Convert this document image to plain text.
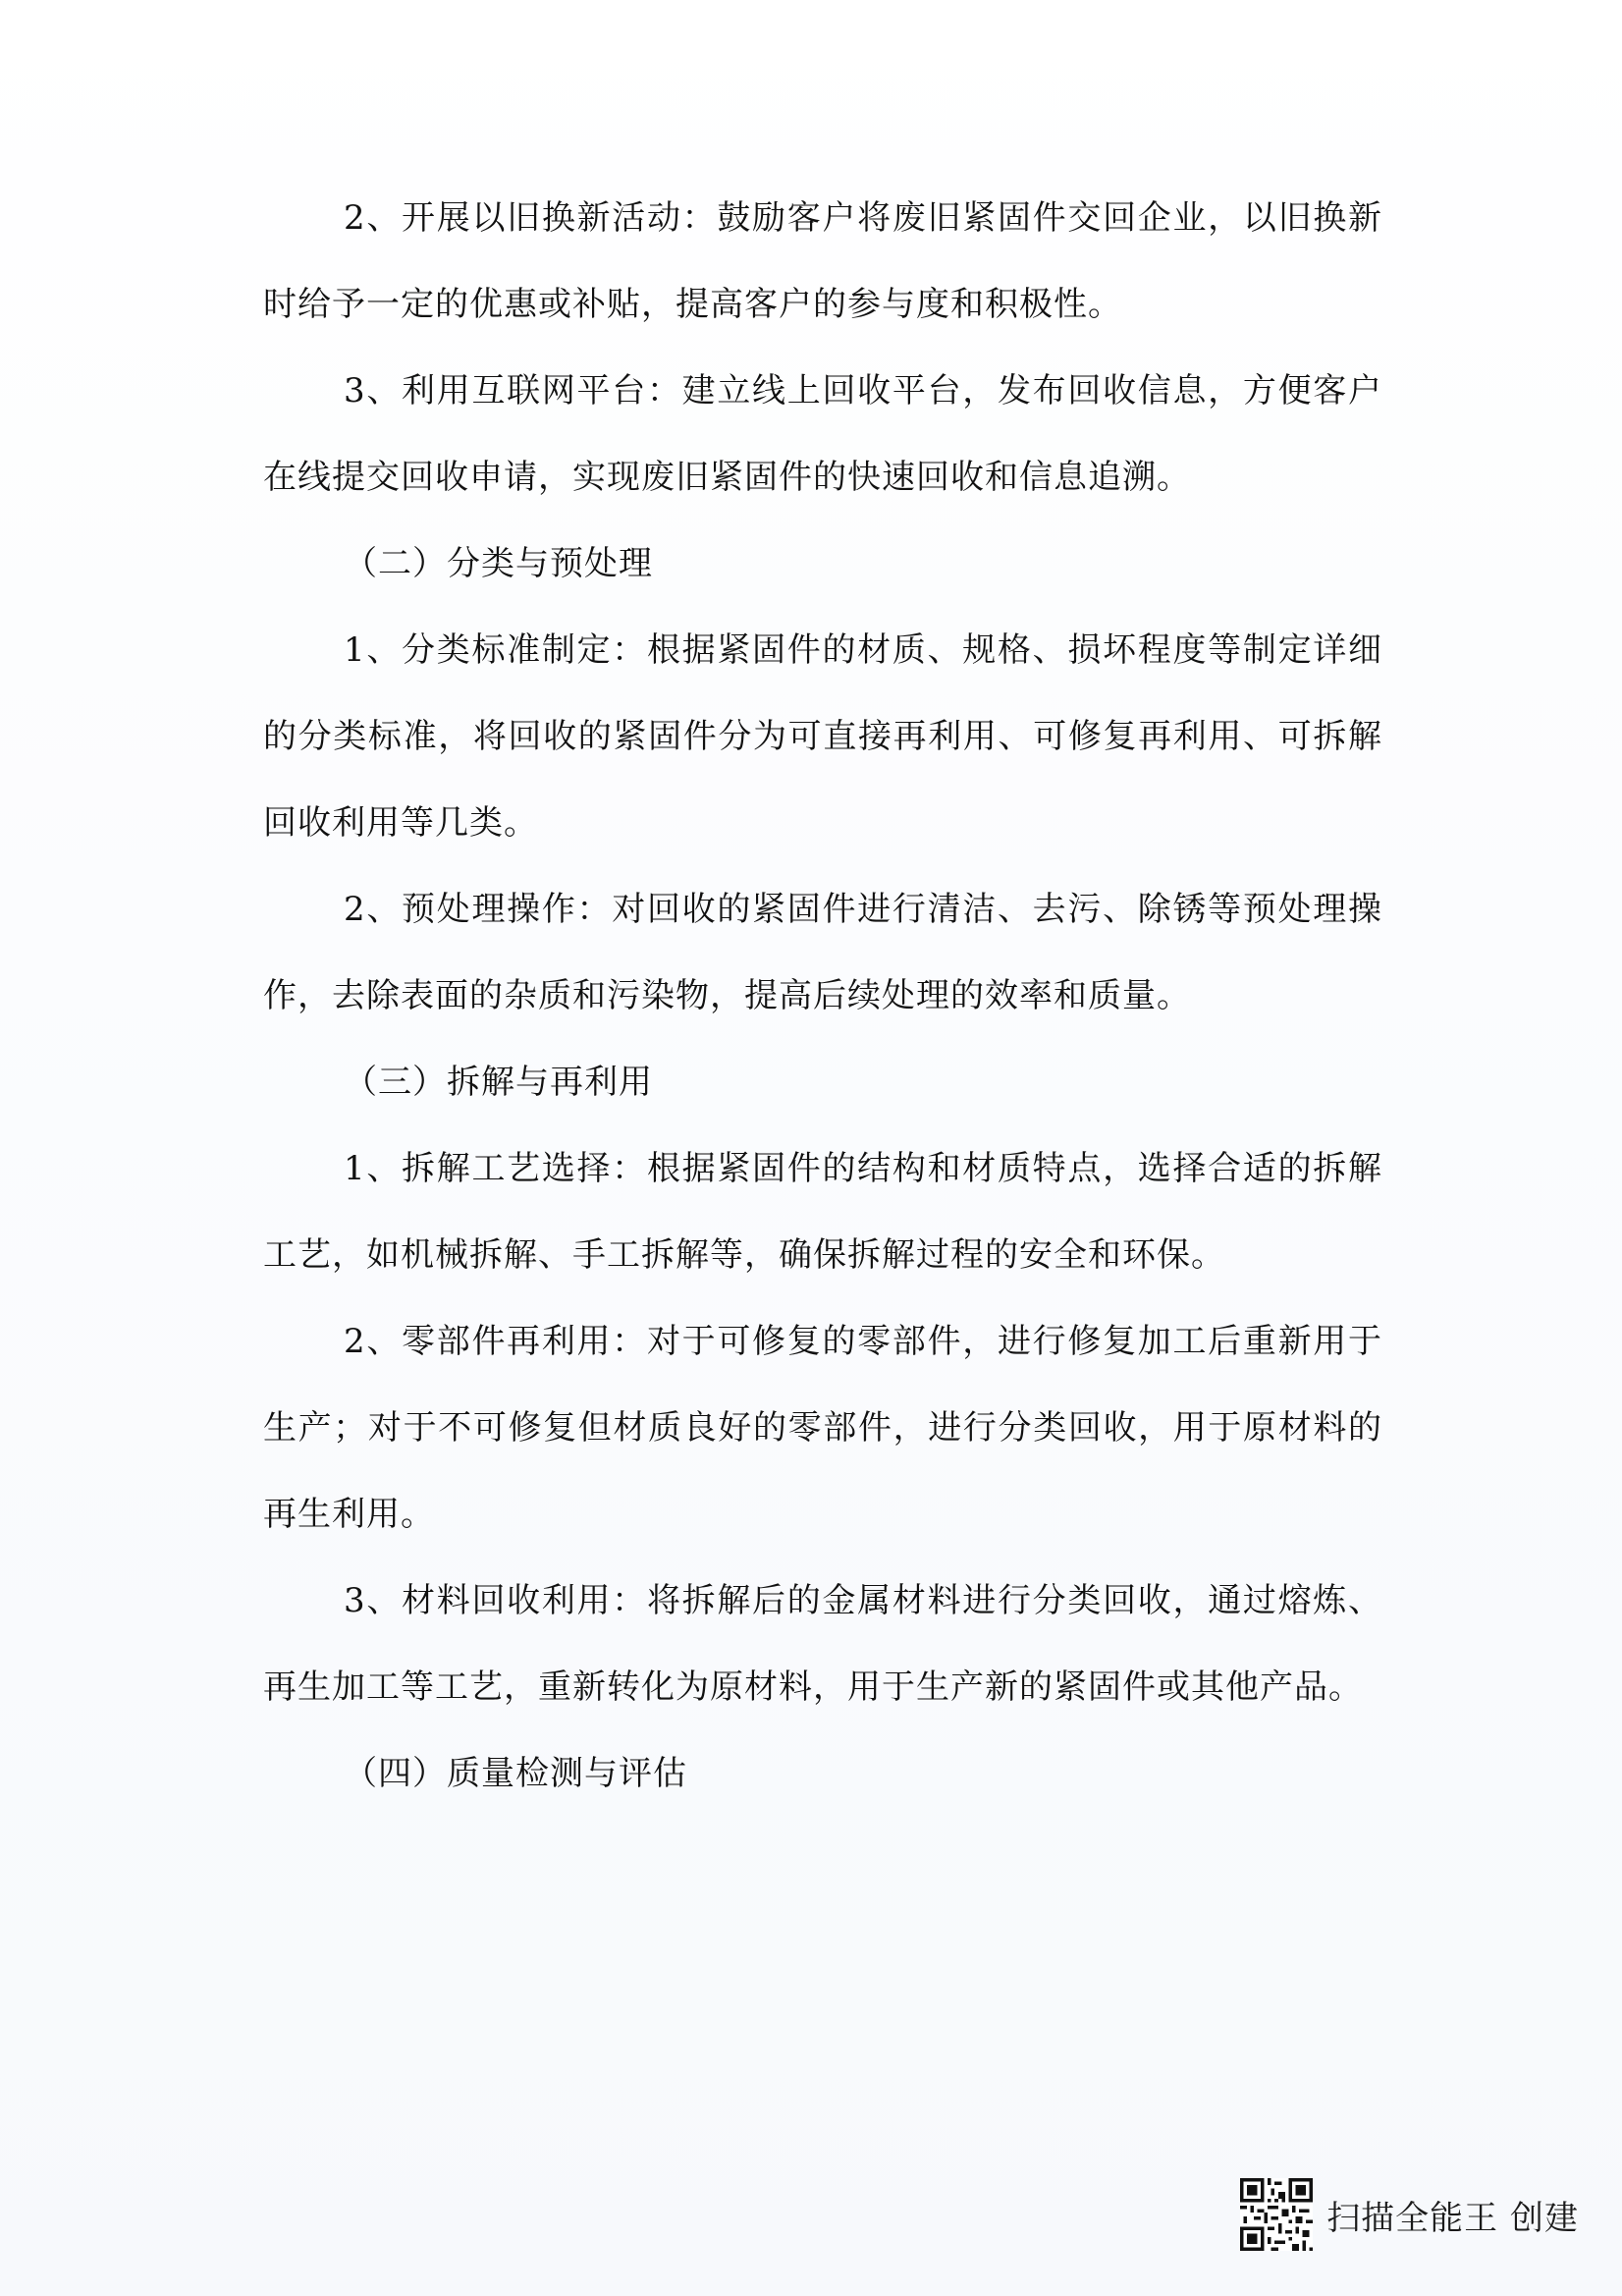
2、开展以旧换新活动：鼓励客户将废旧紧固件交回企业，以旧换新时给予一定的优惠或补贴，提高客户的参与度和积极性。

3、利用互联网平台：建立线上回收平台，发布回收信息，方便客户在线提交回收申请，实现废旧紧固件的快速回收和信息追溯。

（二）分类与预处理

1、分类标准制定：根据紧固件的材质、规格、损坏程度等制定详细的分类标准，将回收的紧固件分为可直接再利用、可修复再利用、可拆解回收利用等几类。

2、预处理操作：对回收的紧固件进行清洁、去污、除锈等预处理操作，去除表面的杂质和污染物，提高后续处理的效率和质量。

（三）拆解与再利用

1、拆解工艺选择：根据紧固件的结构和材质特点，选择合适的拆解工艺，如机械拆解、手工拆解等，确保拆解过程的安全和环保。

2、零部件再利用：对于可修复的零部件，进行修复加工后重新用于生产；对于不可修复但材质良好的零部件，进行分类回收，用于原材料的再生利用。

3、材料回收利用：将拆解后的金属材料进行分类回收，通过熔炼、再生加工等工艺，重新转化为原材料，用于生产新的紧固件或其他产品。

（四）质量检测与评估

扫描全能王 创建
